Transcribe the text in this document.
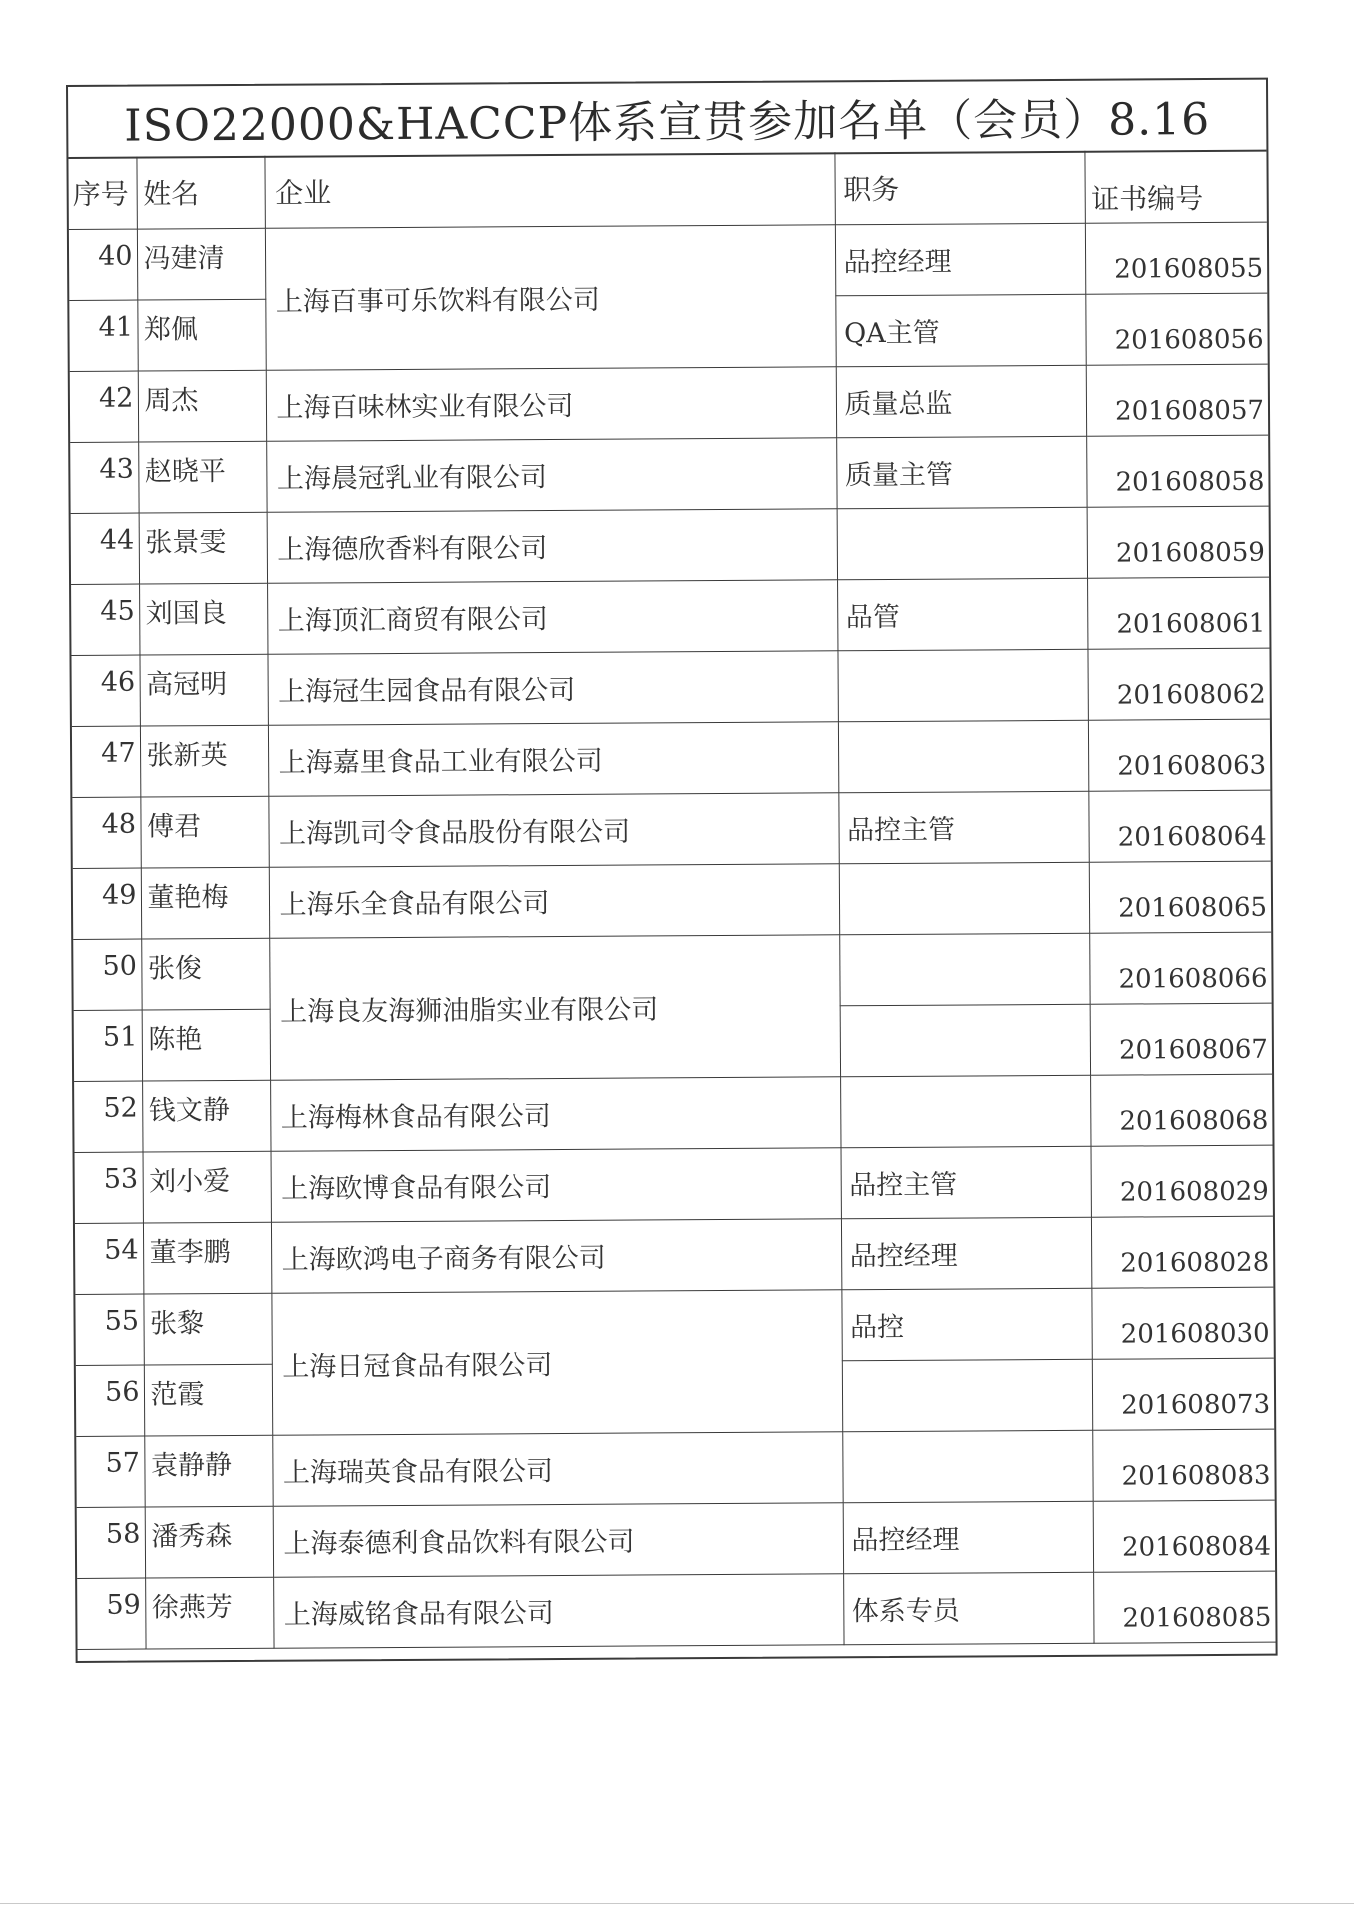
ISO22000&HACCP体系宣贯参加名单（会员）8.16
序号	姓名	企业	职务	证书编号
40	冯建清	上海百事可乐饮料有限公司	品控经理	201608055
41	郑佩		QA主管	201608056
42	周杰	上海百味林实业有限公司	质量总监	201608057
43	赵晓平	上海晨冠乳业有限公司	质量主管	201608058
44	张景雯	上海德欣香料有限公司		201608059
45	刘国良	上海顶汇商贸有限公司	品管	201608061
46	高冠明	上海冠生园食品有限公司		201608062
47	张新英	上海嘉里食品工业有限公司		201608063
48	傅君	上海凯司令食品股份有限公司	品控主管	201608064
49	董艳梅	上海乐全食品有限公司		201608065
50	张俊	上海良友海狮油脂实业有限公司		201608066
51	陈艳			201608067
52	钱文静	上海梅林食品有限公司		201608068
53	刘小爱	上海欧博食品有限公司	品控主管	201608029
54	董李鹏	上海欧鸿电子商务有限公司	品控经理	201608028
55	张黎	上海日冠食品有限公司	品控	201608030
56	范霞			201608073
57	袁静静	上海瑞英食品有限公司		201608083
58	潘秀森	上海泰德利食品饮料有限公司	品控经理	201608084
59	徐燕芳	上海威铭食品有限公司	体系专员	201608085
